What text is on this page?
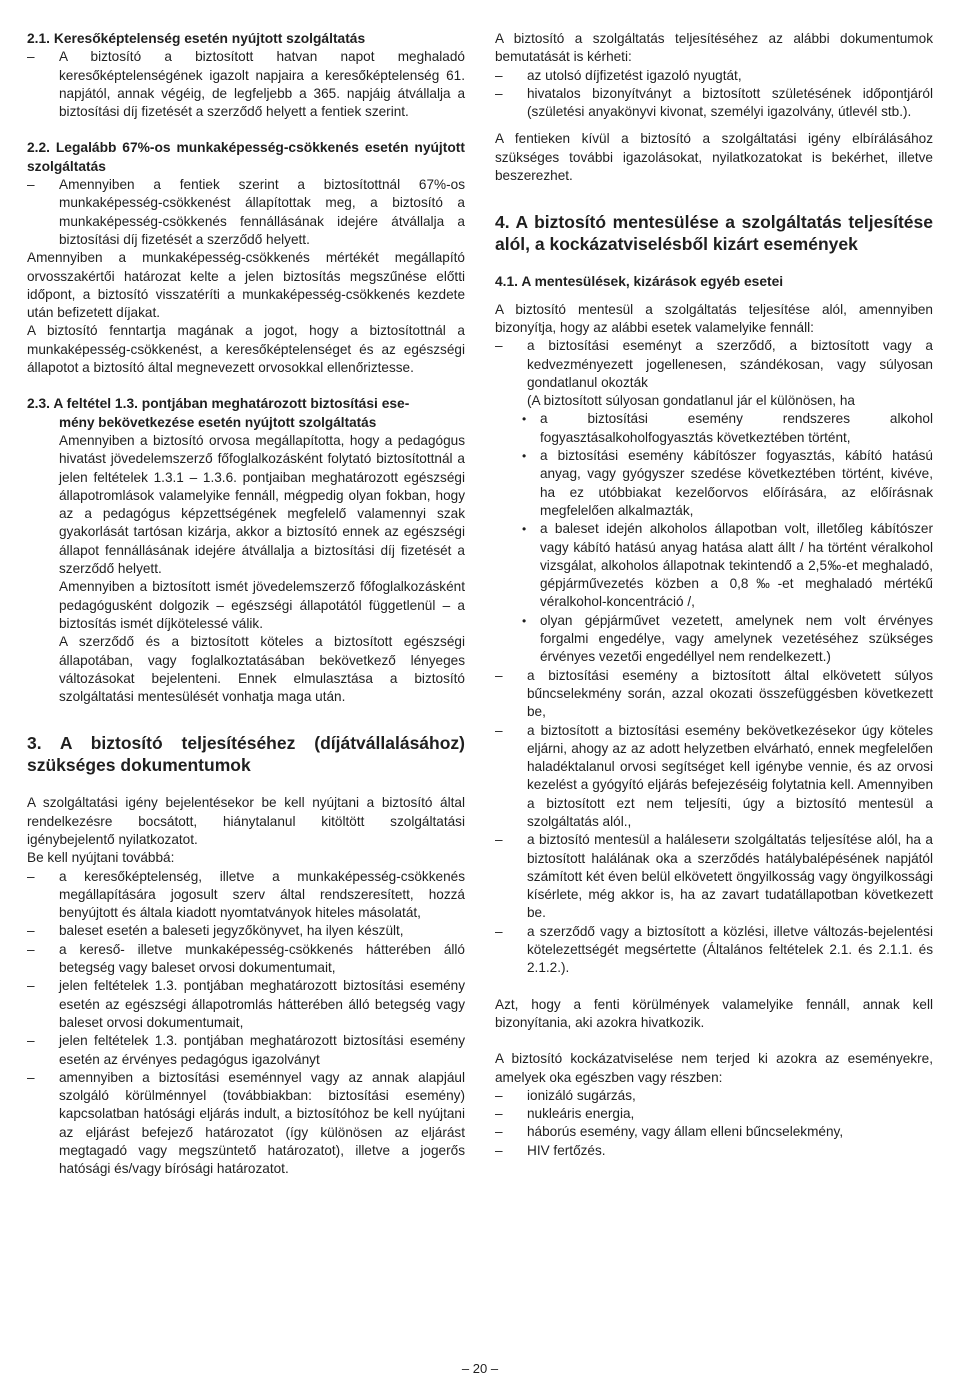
2.1. Keresőképtelenség esetén nyújtott szolgáltatás

– A biztosító a biztosított hatvan napot meghaladó keresőképtelenségének igazolt napjaira a keresőképtelenség 61. napjától, annak végéig, de legfeljebb a 365. napjáig átvállalja a biztosítási díj fizetését a szerződő helyett a fentiek szerint.

2.2. Legalább 67%-os munkaképesség-csökkenés esetén nyújtott szolgáltatás

– Amennyiben a fentiek szerint a biztosítottnál 67%-os munkaképesség-csökkenést állapítottak meg, a biztosító a munkaképesség-csökkenés fennállásának idejére átvállalja a biztosítási díj fizetését a szerződő helyett.

Amennyiben a munkaképesség-csökkenés mértékét megállapító orvosszakértői határozat kelte a jelen biztosítás megszűnése előtti időpont, a biztosító visszatéríti a munkaképesség-csökkenés kezdete után befizetett díjakat.

A biztosító fenntartja magának a jogot, hogy a biztosítottnál a munkaképesség-csökkenést, a keresőképtelenséget és az egészségi állapotot a biztosító által megnevezett orvosokkal ellenőriztesse.

2.3. A feltétel 1.3. pontjában meghatározott biztosítási ese-

mény bekövetkezése esetén nyújtott szolgáltatás

Amennyiben a biztosító orvosa megállapította, hogy a pedagógus hivatást jövedelemszerző főfoglalkozásként folytató biztosítottnál a jelen feltételek 1.3.1 – 1.3.6. pontjaiban meghatározott egészségi állapotromlások valamelyike fennáll, mégpedig olyan fokban, hogy az a pedagógus képzettségének megfelelő valamennyi szak gyakorlását tartósan kizárja, akkor a biztosító ennek az egészségi állapot fennállásának idejére átvállalja a biztosítási díj fizetését a szerződő helyett.

Amennyiben a biztosított ismét jövedelemszerző főfoglalkozásként pedagógusként dolgozik – egészségi állapotától függetlenül – a biztosítás ismét díjkötelessé válik.

A szerződő és a biztosított köteles a biztosított egészségi állapotában, vagy foglalkoztatásában bekövetkező lényeges változásokat bejelenteni. Ennek elmulasztása a biztosító szolgáltatási mentesülését vonhatja maga után.

3. A biztosító teljesítéséhez (díjátvállalásához) szükséges dokumentumok

A szolgáltatási igény bejelentésekor be kell nyújtani a biztosító által rendelkezésre bocsátott, hiánytalanul kitöltött szolgáltatási igénybejelentő nyilatkozatot.

Be kell nyújtani továbbá:

– a keresőképtelenség, illetve a munkaképesség-csökkenés megállapítására jogosult szerv által rendszeresített, hozzá benyújtott és általa kiadott nyomtatványok hiteles másolatát,
– baleset esetén a baleseti jegyzőkönyvet, ha ilyen készült,
– a kereső- illetve munkaképesség-csökkenés hátterében álló betegség vagy baleset orvosi dokumentumait,
– jelen feltételek 1.3. pontjában meghatározott biztosítási esemény esetén az egészségi állapotromlás hátterében álló betegség vagy baleset orvosi dokumentumait,
– jelen feltételek 1.3. pontjában meghatározott biztosítási esemény esetén az érvényes pedagógus igazolványt
– amennyiben a biztosítási eseménnyel vagy az annak alapjául szolgáló körülménnyel (továbbiakban: biztosítási esemény) kapcsolatban hatósági eljárás indult, a biztosítóhoz be kell nyújtani az eljárást befejező határozatot (így különösen az eljárást megtagadó vagy megszüntető határozatot), illetve a jogerős hatósági és/vagy bírósági határozatot.

A biztosító a szolgáltatás teljesítéséhez az alábbi dokumentumok bemutatását is kérheti:

– az utolsó díjfizetést igazoló nyugtát,
– hivatalos bizonyítványt a biztosított születésének időpontjáról (születési anyakönyvi kivonat, személyi igazolvány, útlevél stb.).

A fentieken kívül a biztosító a szolgáltatási igény elbírálásához szükséges további igazolásokat, nyilatkozatokat is bekérhet, illetve beszerezhet.

4. A biztosító mentesülése a szolgáltatás teljesítése alól, a kockázatviselésből kizárt események

4.1. A mentesülések, kizárások egyéb esetei

A biztosító mentesül a szolgáltatás teljesítése alól, amennyiben bizonyítja, hogy az alábbi esetek valamelyike fennáll:

– a biztosítási eseményt a szerződő, a biztosított vagy a kedvezményezett jogellenesen, szándékosan, vagy súlyosan gondatlanul okozták

(A biztosított súlyosan gondatlanul jár el különösen, ha

• a biztosítási esemény rendszeres alkohol fogyasztásalkoholfogyasztás következtében történt,
• a biztosítási esemény kábítószer fogyasztás, kábító hatású anyag, vagy gyógyszer szedése következtében történt, kivéve, ha ez utóbbiakat kezelőorvos előírására, az előírásnak megfelelően alkalmazták,
• a baleset idején alkoholos állapotban volt, illetőleg kábítószer vagy kábító hatású anyag hatása alatt állt / ha történt véralkohol vizsgálat, alkoholos állapotnak tekintendő a 2,5‰-et meghaladó, gépjárművezetés közben a 0,8‰-et meghaladó mértékű véralkohol-koncentráció /,
• olyan gépjárművet vezetett, amelynek nem volt érvényes forgalmi engedélye, vagy amelynek vezetéséhez szükséges érvényes vezetői engedéllyel nem rendelkezett.)
– a biztosítási esemény a biztosított által elkövetett súlyos bűncselekmény során, azzal okozati összefüggésben következett be,
– a biztosított a biztosítási esemény bekövetkezésekor úgy köteles eljárni, ahogy az az adott helyzetben elvárható, ennek megfelelően haladéktalanul orvosi segítséget kell igénybe vennie, és az orvosi kezelést a gyógyító eljárás befejezéséig folytatnia kell. Amennyiben a biztosított ezt nem teljesíti, úgy a biztosító mentesül a szolgáltatás alól.,
– a biztosító mentesül a halálesети szolgáltatás teljesítése alól, ha a biztosított halálának oka a szerződés hatálybalépésének napjától számított két éven belül elkövetett öngyilkosság vagy öngyilkossági kísérlete, még akkor is, ha az zavart tudatállapotban következett be.
– a szerződő vagy a biztosított a közlési, illetve változás-bejelentési kötelezettségét megsértette (Általános feltételek 2.1. és 2.1.1. és 2.1.2.).

Azt, hogy a fenti körülmények valamelyike fennáll, annak kell bizonyítania, aki azokra hivatkozik.

A biztosító kockázatviselése nem terjed ki azokra az eseményekre, amelyek oka egészben vagy részben:

– ionizáló sugárzás,
– nukleáris energia,
– háborús esemény, vagy állam elleni bűncselekmény,
– HIV fertőzés.
– 20 –
